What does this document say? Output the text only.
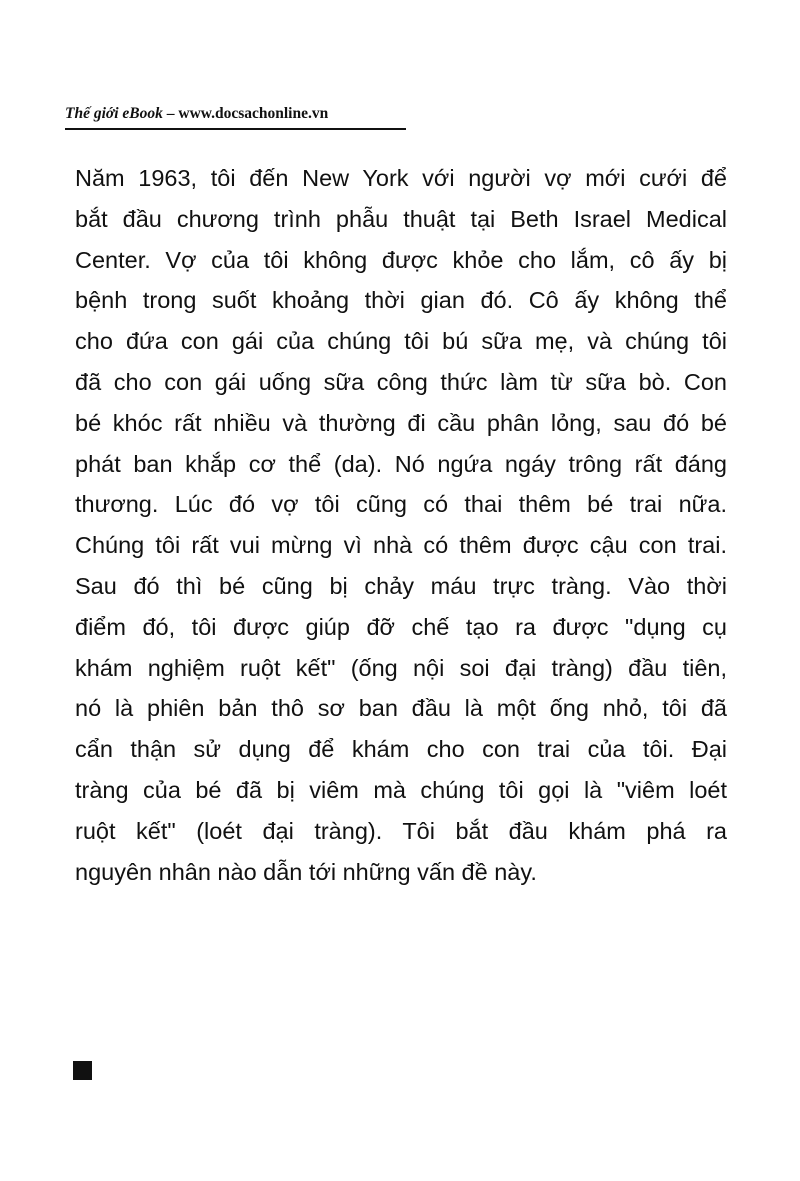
Thế giới eBook – www.docsachonline.vn
Năm 1963, tôi đến New York với người vợ mới cưới để
bắt đầu chương trình phẫu thuật tại Beth Israel Medical
Center. Vợ của tôi không được khỏe cho lắm, cô ấy bị
bệnh trong suốt khoảng thời gian đó. Cô ấy không thể
cho đứa con gái của chúng tôi bú sữa mẹ, và chúng tôi
đã cho con gái uống sữa công thức làm từ sữa bò. Con
bé khóc rất nhiều và thường đi cầu phân lỏng, sau đó bé
phát ban khắp cơ thể (da). Nó ngứa ngáy trông rất đáng
thương. Lúc đó vợ tôi cũng có thai thêm bé trai nữa.
Chúng tôi rất vui mừng vì nhà có thêm được cậu con trai.
Sau đó thì bé cũng bị chảy máu trực tràng. Vào thời
điểm đó, tôi được giúp đỡ chế tạo ra được "dụng cụ
khám nghiệm ruột kết" (ống nội soi đại tràng) đầu tiên,
nó là phiên bản thô sơ ban đầu là một ống nhỏ, tôi đã
cẩn thận sử dụng để khám cho con trai của tôi. Đại
tràng của bé đã bị viêm mà chúng tôi gọi là "viêm loét
ruột kết" (loét đại tràng). Tôi bắt đầu khám phá ra
nguyên nhân nào dẫn tới những vấn đề này.
